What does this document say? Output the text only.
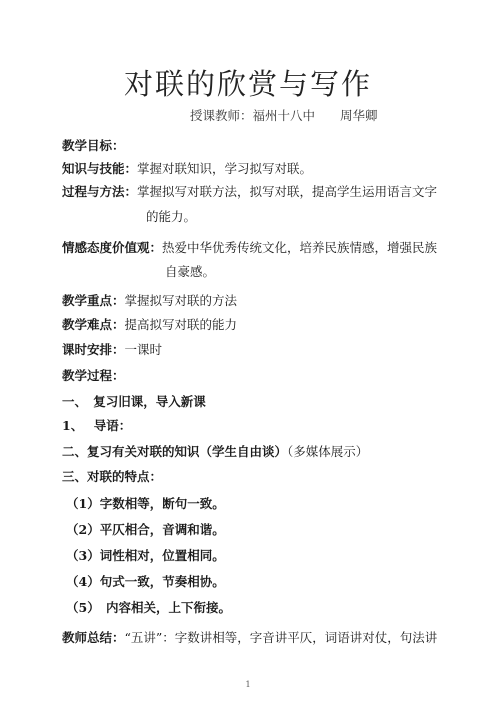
对联的欣赏与写作
授课教师：福州十八中　　周华卿
教学目标：
知识与技能：掌握对联知识，学习拟写对联。
过程与方法：掌握拟写对联方法，拟写对联，提高学生运用语言文字
的能力。
情感态度价值观：热爱中华优秀传统文化，培养民族情感，增强民族
自豪感。
教学重点：掌握拟写对联的方法
教学难点：提高拟写对联的能力
课时安排：一课时
教学过程：
一、　复习旧课，导入新课
1、　 导语：
二、复习有关对联的知识（学生自由谈）（多媒体展示）
三、对联的特点：
（1）字数相等，断句一致。
（2）平仄相合，音调和谐。
（3）词性相对，位置相同。
（4）句式一致，节奏相协。
（5）　内容相关，上下衔接。
教师总结：“五讲”：字数讲相等，字音讲平仄，词语讲对仗，句法讲
1
